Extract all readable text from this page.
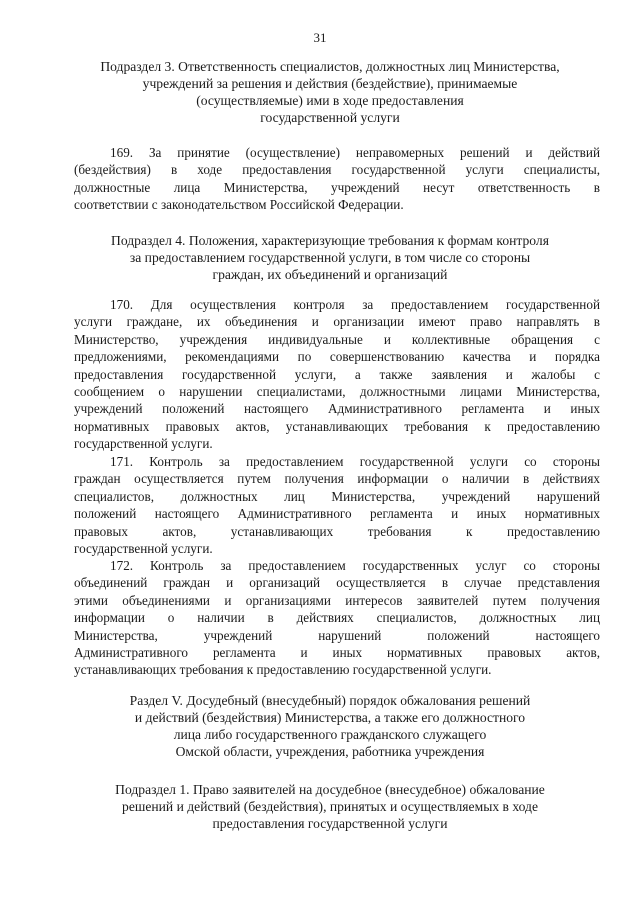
31
Подраздел 3. Ответственность специалистов, должностных лиц Министерства,
учреждений за решения и действия (бездействие), принимаемые
(осуществляемые) ими в ходе предоставления
государственной услуги
169. За принятие (осуществление) неправомерных решений и действий
(бездействия) в ходе предоставления государственной услуги специалисты,
должностные лица Министерства, учреждений несут ответственность в
соответствии с законодательством Российской Федерации.
Подраздел 4. Положения, характеризующие требования к формам контроля
за предоставлением государственной услуги, в том числе со стороны
граждан, их объединений и организаций
170. Для осуществления контроля за предоставлением государственной
услуги гражданe, их объединения и организации имеют право направлять в
Министерство, учреждения индивидуальные и коллективные обращения с
предложениями, рекомендациями по совершенствованию качества и порядка
предоставления государственной услуги, а также заявления и жалобы с
сообщением о нарушении специалистами, должностными лицами Министерства,
учреждений положений настоящего Административного регламента и иных
нормативных правовых актов, устанавливающих требования к предоставлению
государственной услуги.
171. Контроль за предоставлением государственной услуги со стороны
граждан осуществляется путем получения информации о наличии в действиях
специалистов, должностных лиц Министерства, учреждений нарушений
положений настоящего Административного регламента и иных нормативных
правовых актов, устанавливающих требования к предоставлению
государственной услуги.
172. Контроль за предоставлением государственных услуг со стороны
объединений граждан и организаций осуществляется в случае представления
этими объединениями и организациями интересов заявителей путем получения
информации о наличии в действиях специалистов, должностных лиц
Министерства, учреждений нарушений положений настоящего
Административного регламента и иных нормативных правовых актов,
устанавливающих требования к предоставлению государственной услуги.
Раздел V. Досудебный (внесудебный) порядок обжалования решений
и действий (бездействия) Министерства, а также его должностного
лица либо государственного гражданского служащего
Омской области, учреждения, работника учреждения
Подраздел 1. Право заявителей на досудебное (внесудебное) обжалование
решений и действий (бездействия), принятых и осуществляемых в ходе
предоставления государственной услуги
